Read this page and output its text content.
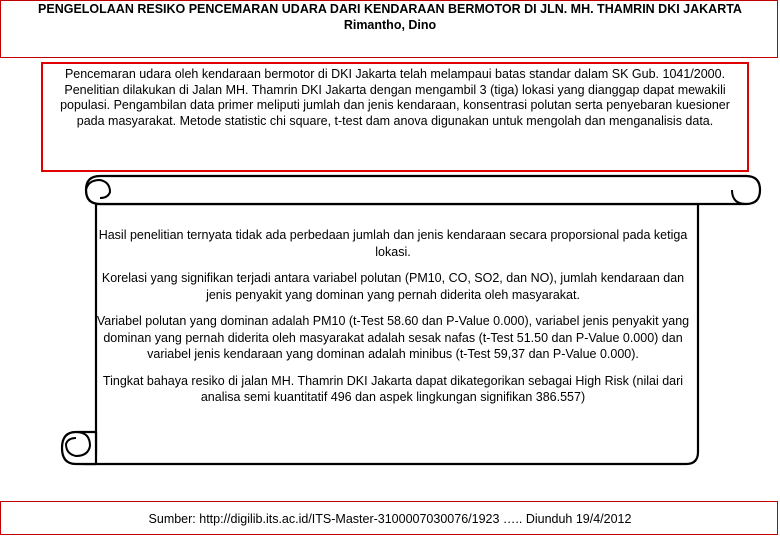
PENGELOLAAN RESIKO PENCEMARAN UDARA DARI KENDARAAN BERMOTOR DI JLN. MH. THAMRIN DKI JAKARTA
Rimantho, Dino
Pencemaran udara oleh kendaraan bermotor di DKI Jakarta telah melampaui batas standar dalam SK Gub. 1041/2000.
Penelitian dilakukan di Jalan MH. Thamrin DKI Jakarta dengan mengambil 3 (tiga) lokasi yang dianggap dapat mewakili populasi. Pengambilan data primer meliputi jumlah dan jenis kendaraan, konsentrasi polutan serta penyebaran kuesioner pada masyarakat. Metode statistic chi square, t-test dam anova digunakan untuk mengolah dan menganalisis data.

Hasil penelitian ternyata tidak ada perbedaan jumlah dan jenis kendaraan secara proporsional pada ketiga lokasi.

Korelasi yang signifikan terjadi antara variabel polutan (PM10, CO, SO2, dan NO), jumlah kendaraan dan jenis penyakit yang dominan yang pernah diderita oleh masyarakat.

Variabel polutan yang dominan adalah PM10 (t-Test 58.60 dan P-Value 0.000), variabel jenis penyakit yang dominan yang pernah diderita oleh masyarakat adalah sesak nafas (t-Test 51.50 dan P-Value 0.000) dan variabel jenis kendaraan yang dominan adalah minibus (t-Test 59,37 dan P-Value 0.000).

Tingkat bahaya resiko di jalan MH. Thamrin DKI Jakarta dapat dikategorikan sebagai High Risk (nilai dari analisa semi kuantitatif 496 dan aspek lingkungan signifikan 386.557)

Sumber: http://digilib.its.ac.id/ITS-Master-3100007030076/1923 ….. Diunduh 19/4/2012
